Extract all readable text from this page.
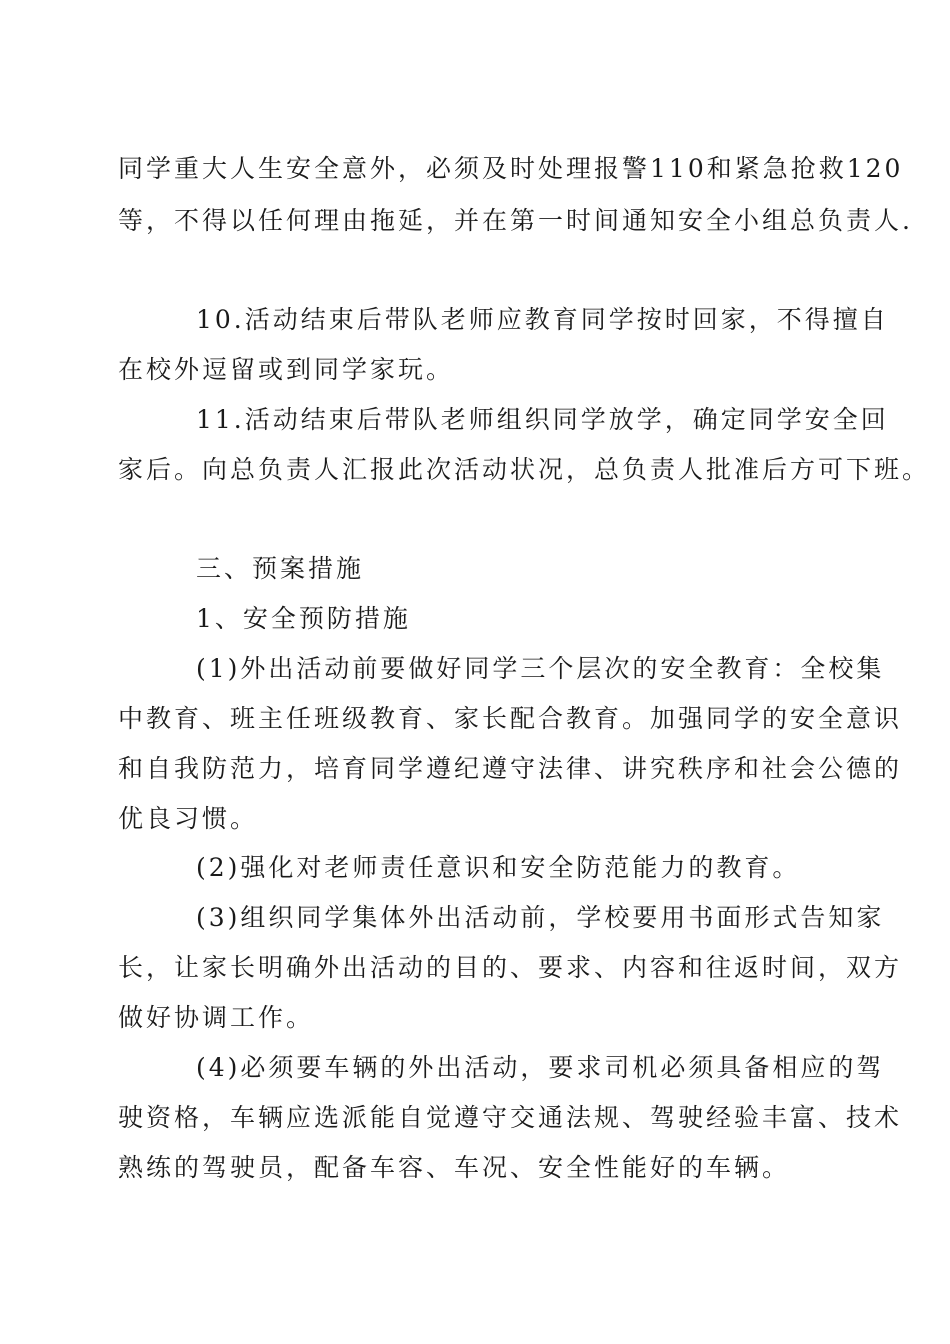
同学重大人生安全意外，必须及时处理报警110和紧急抢救120
等，不得以任何理由拖延，并在第一时间通知安全小组总负责人.
10.活动结束后带队老师应教育同学按时回家，不得擅自
在校外逗留或到同学家玩。
11.活动结束后带队老师组织同学放学，确定同学安全回
家后。向总负责人汇报此次活动状况，总负责人批准后方可下班。
三、预案措施
1、安全预防措施
(1)外出活动前要做好同学三个层次的安全教育：全校集
中教育、班主任班级教育、家长配合教育。加强同学的安全意识
和自我防范力，培育同学遵纪遵守法律、讲究秩序和社会公德的
优良习惯。
(2)强化对老师责任意识和安全防范能力的教育。
(3)组织同学集体外出活动前，学校要用书面形式告知家
长，让家长明确外出活动的目的、要求、内容和往返时间，双方
做好协调工作。
(4)必须要车辆的外出活动，要求司机必须具备相应的驾
驶资格，车辆应选派能自觉遵守交通法规、驾驶经验丰富、技术
熟练的驾驶员，配备车容、车况、安全性能好的车辆。
